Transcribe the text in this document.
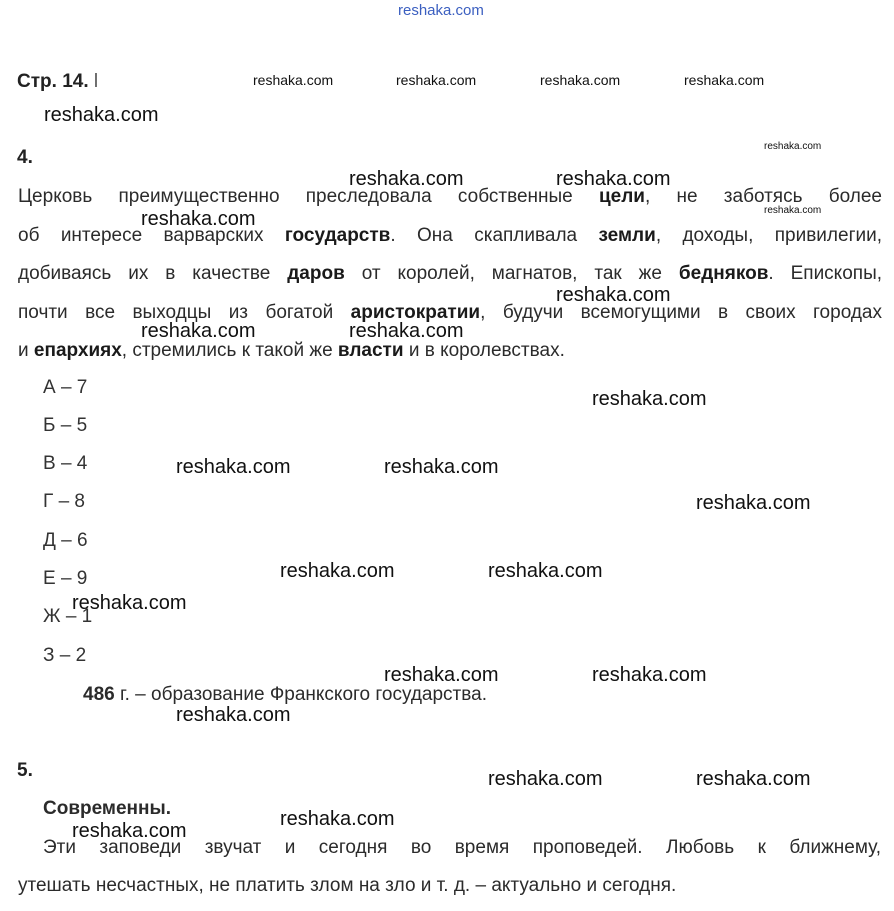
reshaka.com
Стр. 14. l	reshaka.com	reshaka.com	reshaka.com	reshaka.com
reshaka.com
reshaka.com
4.
Церковь преимущественно преследовала собственные цели, не заботясь более
об интересе варварских государств. Она скапливала земли, доходы, привилегии,
добиваясь их в качестве даров от королей, магнатов, так же бедняков. Епископы,
почти все выходцы из богатой аристократии, будучи всемогущими в своих городах
и епархиях, стремились к такой же власти и в королевствах.
reshaka.com	reshaka.com
reshaka.com	reshaka.com
reshaka.com
reshaka.com	reshaka.com
А – 7
Б – 5
В – 4
Г – 8
Д – 6
Е – 9
Ж – 1
З – 2
reshaka.com
reshaka.com	reshaka.com
reshaka.com
reshaka.com	reshaka.com
reshaka.com
reshaka.com	reshaka.com
486 г. – образование Франкского государства.
reshaka.com
5.	reshaka.com	reshaka.com
Современны.	reshaka.com
reshaka.com
Эти заповеди звучат и сегодня во время проповедей. Любовь к ближнему,
утешать несчастных, не платить злом на зло и т. д. – актуально и сегодня.
